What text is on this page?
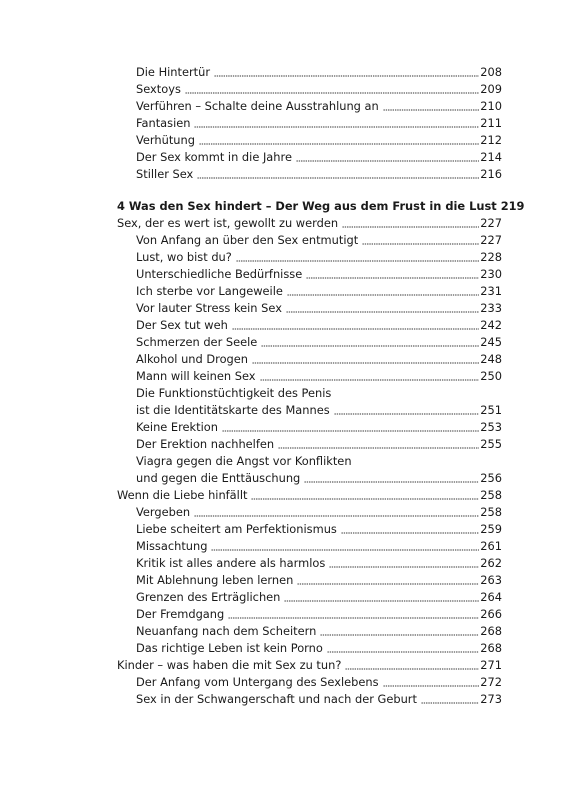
Die Hintertür	208
Sextoys	209
Verführen – Schalte deine Ausstrahlung an	210
Fantasien	211
Verhütung	212
Der Sex kommt in die Jahre	214
Stiller Sex	216
4 Was den Sex hindert – Der Weg aus dem Frust in die Lust 219
Sex, der es wert ist, gewollt zu werden	227
Von Anfang an über den Sex entmutigt	227
Lust, wo bist du?	228
Unterschiedliche Bedürfnisse	230
Ich sterbe vor Langeweile	231
Vor lauter Stress kein Sex	233
Der Sex tut weh	242
Schmerzen der Seele	245
Alkohol und Drogen	248
Mann will keinen Sex	250
Die Funktionstüchtigkeit des Penis
ist die Identitätskarte des Mannes	251
Keine Erektion	253
Der Erektion nachhelfen	255
Viagra gegen die Angst vor Konflikten
und gegen die Enttäuschung	256
Wenn die Liebe hinfällt	258
Vergeben	258
Liebe scheitert am Perfektionismus	259
Missachtung	261
Kritik ist alles andere als harmlos	262
Mit Ablehnung leben lernen	263
Grenzen des Erträglichen	264
Der Fremdgang	266
Neuanfang nach dem Scheitern	268
Das richtige Leben ist kein Porno	268
Kinder – was haben die mit Sex zu tun?	271
Der Anfang vom Untergang des Sexlebens	272
Sex in der Schwangerschaft und nach der Geburt	273
